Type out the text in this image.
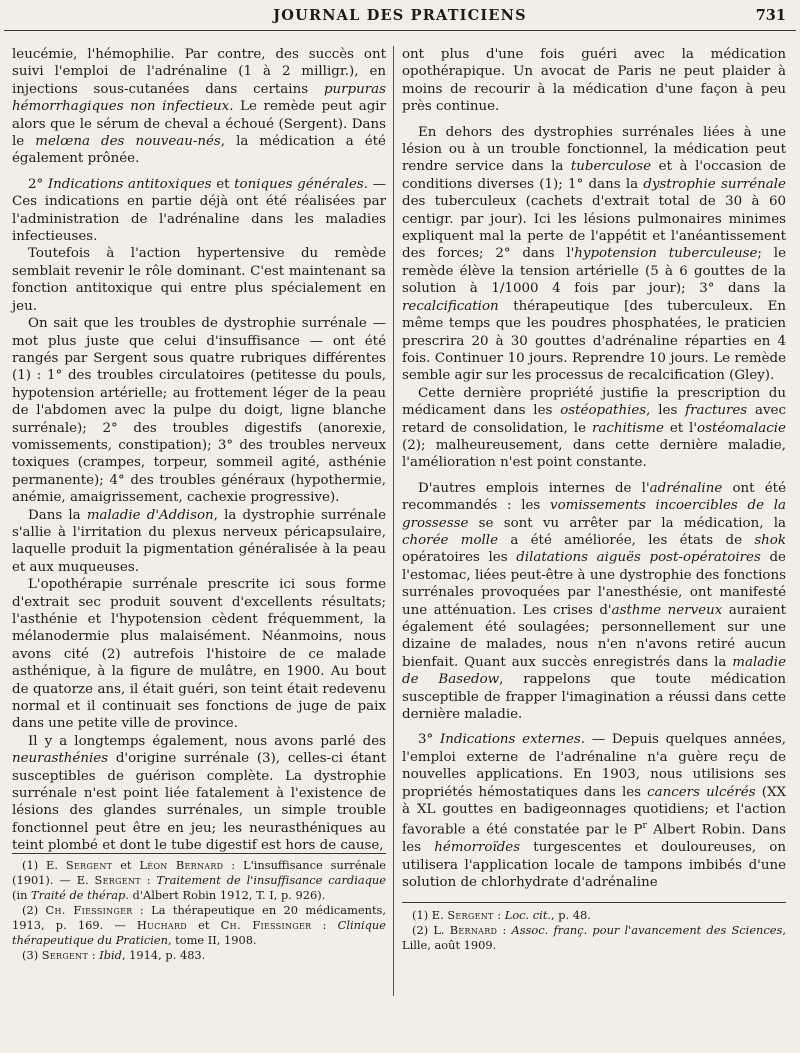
JOURNAL DES PRATICIENS	731

leucémie, l'hémophilie. Par contre, des succès ont suivi l'emploi de l'adrénaline (1 à 2 milligr.), en injections sous-cutanées dans certains purpuras hémorrhagiques non infectieux. Le remède peut agir alors que le sérum de cheval a échoué (Sergent). Dans le melœna des nouveau-nés, la médication a été également prônée.

2° Indications antitoxiques et toniques générales. — Ces indications en partie déjà ont été réalisées par l'administration de l'adrénaline dans les maladies infectieuses.

Toutefois à l'action hypertensive du remède semblait revenir le rôle dominant. C'est maintenant sa fonction antitoxique qui entre plus spécialement en jeu.

On sait que les troubles de dystrophie surrénale — mot plus juste que celui d'insuffisance — ont été rangés par Sergent sous quatre rubriques différentes (1) : 1° des troubles circulatoires (petitesse du pouls, hypotension artérielle; au frottement léger de la peau de l'abdomen avec la pulpe du doigt, ligne blanche surrénale); 2° des troubles digestifs (anorexie, vomissements, constipation); 3° des troubles nerveux toxiques (crampes, torpeur, sommeil agité, asthénie permanente); 4° des troubles généraux (hypothermie, anémie, amaigrissement, cachexie progressive).

Dans la maladie d'Addison, la dystrophie surrénale s'allie à l'irritation du plexus nerveux péricapsulaire, laquelle produit la pigmentation généralisée à la peau et aux muqueuses.

L'opothérapie surrénale prescrite ici sous forme d'extrait sec produit souvent d'excellents résultats; l'asthénie et l'hypotension cèdent fréquemment, la mélanodermie plus malaisément. Néanmoins, nous avons cité (2) autrefois l'histoire de ce malade asthénique, à la figure de mulâtre, en 1900. Au bout de quatorze ans, il était guéri, son teint était redevenu normal et il continuait ses fonctions de juge de paix dans une petite ville de province.

Il y a longtemps également, nous avons parlé des neurasthénies d'origine surrénale (3), celles-ci étant susceptibles de guérison complète. La dystrophie surrénale n'est point liée fatalement à l'existence de lésions des glandes surrénales, un simple trouble fonctionnel peut être en jeu; les neurasthéniques au teint plombé et dont le tube digestif est hors de cause,

(1) E. Sergent et Léon Bernard : L'insuffisance surrénale (1901). — E. Sergent : Traitement de l'insuffisance cardiaque (in Traité de thérap. d'Albert Robin 1912, T. I, p. 926).

(2) Ch. Fiessinger : La thérapeutique en 20 médicaments, 1913, p. 169. — Huchard et Ch. Fiessinger : Clinique thérapeutique du Praticien, tome II, 1908.

(3) Sergent : Ibid, 1914, p. 483.

ont plus d'une fois guéri avec la médication opothérapique. Un avocat de Paris ne peut plaider à moins de recourir à la médication d'une façon à peu près continue.

En dehors des dystrophies surrénales liées à une lésion ou à un trouble fonctionnel, la médication peut rendre service dans la tuberculose et à l'occasion de conditions diverses (1); 1° dans la dystrophie surrénale des tuberculeux (cachets d'extrait total de 30 à 60 centigr. par jour). Ici les lésions pulmonaires minimes expliquent mal la perte de l'appétit et l'anéantissement des forces; 2° dans l'hypotension tuberculeuse; le remède élève la tension artérielle (5 à 6 gouttes de la solution à 1/1000 4 fois par jour); 3° dans la recalcification thérapeutique [des tuberculeux. En même temps que les poudres phosphatées, le praticien prescrira 20 à 30 gouttes d'adrénaline réparties en 4 fois. Continuer 10 jours. Reprendre 10 jours. Le remède semble agir sur les processus de recalcification (Gley).

Cette dernière propriété justifie la prescription du médicament dans les ostéopathies, les fractures avec retard de consolidation, le rachitisme et l'ostéomalacie (2); malheureusement, dans cette dernière maladie, l'amélioration n'est point constante.

D'autres emplois internes de l'adrénaline ont été recommandés : les vomissements incoercibles de la grossesse se sont vu arrêter par la médication, la chorée molle a été améliorée, les états de shok opératoires les dilatations aiguës post-opératoires de l'estomac, liées peut-être à une dystrophie des fonctions surrénales provoquées par l'anesthésie, ont manifesté une atténuation. Les crises d'asthme nerveux auraient également été soulagées; personnellement sur une dizaine de malades, nous n'en n'avons retiré aucun bienfait. Quant aux succès enregistrés dans la maladie de Basedow, rappelons que toute médication susceptible de frapper l'imagination a réussi dans cette dernière maladie.

3° Indications externes. — Depuis quelques années, l'emploi externe de l'adrénaline n'a guère reçu de nouvelles applications. En 1903, nous utilisions ses propriétés hémostatiques dans les cancers ulcérés (XX à XL gouttes en badigeonnages quotidiens; et l'action favorable a été constatée par le $P^r$ Albert Robin. Dans les hémorroïdes turgescentes et douloureuses, on utilisera l'application locale de tampons imbibés d'une solution de chlorhydrate d'adrénaline

(1) E. Sergent : Loc. cit., p. 48.

(2) L. Bernard : Assoc. franç. pour l'avancement des Sciences, Lille, août 1909.
